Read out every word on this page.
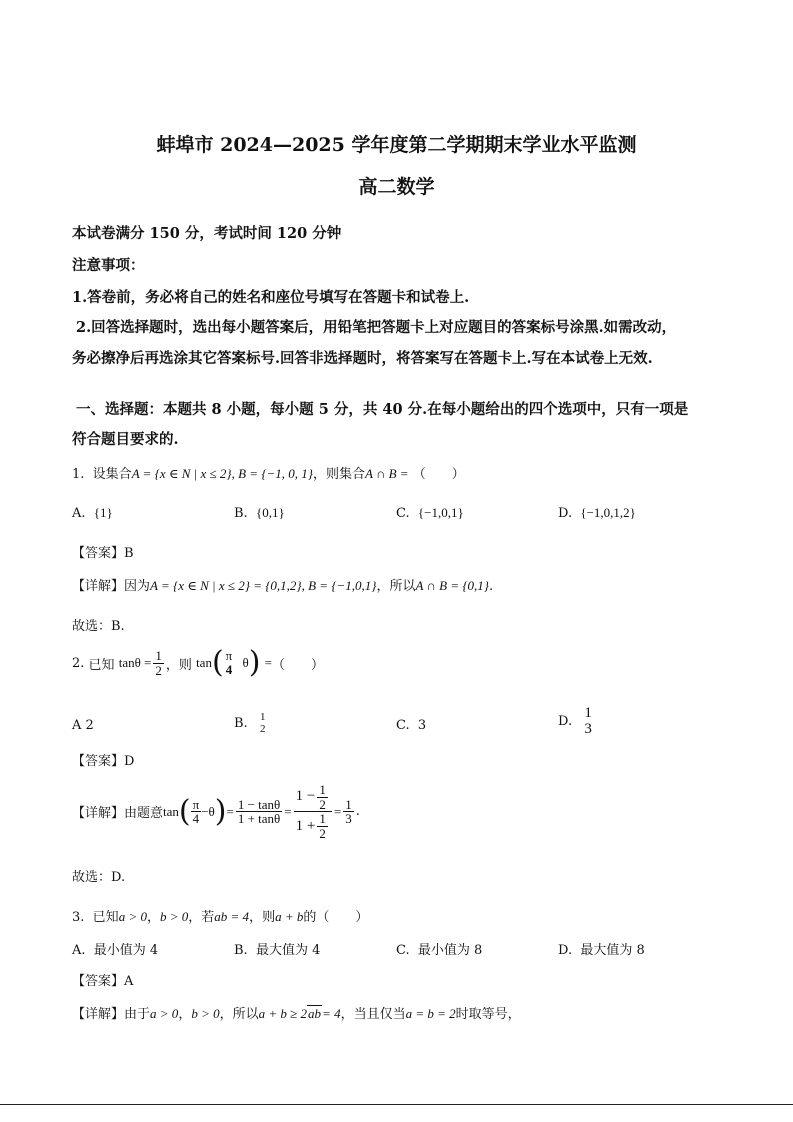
蚌埠市 2024—2025 学年度第二学期期末学业水平监测
高二数学
本试卷满分 150 分，考试时间 120 分钟
注意事项：
1.答卷前，务必将自己的姓名和座位号填写在答题卡和试卷上.
2.回答选择题时，选出每小题答案后，用铅笔把答题卡上对应题目的答案标号涂黑.如需改动，
务必擦净后再选涂其它答案标号.回答非选择题时，将答案写在答题卡上.写在本试卷上无效.
一、选择题：本题共 8 小题，每小题 5 分，共 40 分.在每小题给出的四个选项中，只有一项是
符合题目要求的.
1. 设集合A = {x ∈ N | x ≤ 2}, B = {−1, 0, 1}，则集合A ∩ B = （　　）
A. {1}	B. {0,1}	C. {−1,0,1}	D. {−1,0,1,2}
【答案】B
【详解】因为A = {x ∈ N | x ≤ 2} = {0,1,2}, B = {−1,0,1}，所以A ∩ B = {0,1}.
故选：B.
2.
已知
$\tan\theta = \frac{1}{2}$ ，则
tan ( π
4
θ )
= （　　）
A 2	B.
1
2	C. 3	D.

1
3
【答案】D
【详解】 由题意 tan ( $\frac{\pi}{4} -\theta$ ) = $\frac{1 - \tan\theta}{1 + \tan\theta} = \frac{1 - \frac{1}{2}}{1 + \frac{1}{2}} = \frac{1}{3}$ .
故选：D.
3. 已知a > 0，b > 0，若ab = 4，则a + b的（　　）
A. 最小值为 4	B. 最大值为 4	C. 最小值为 8	D. 最大值为 8
【答案】A
【详解】由于a > 0，b > 0，所以a + b ≥ 2ab= 4，当且仅当a = b = 2时取等号，
